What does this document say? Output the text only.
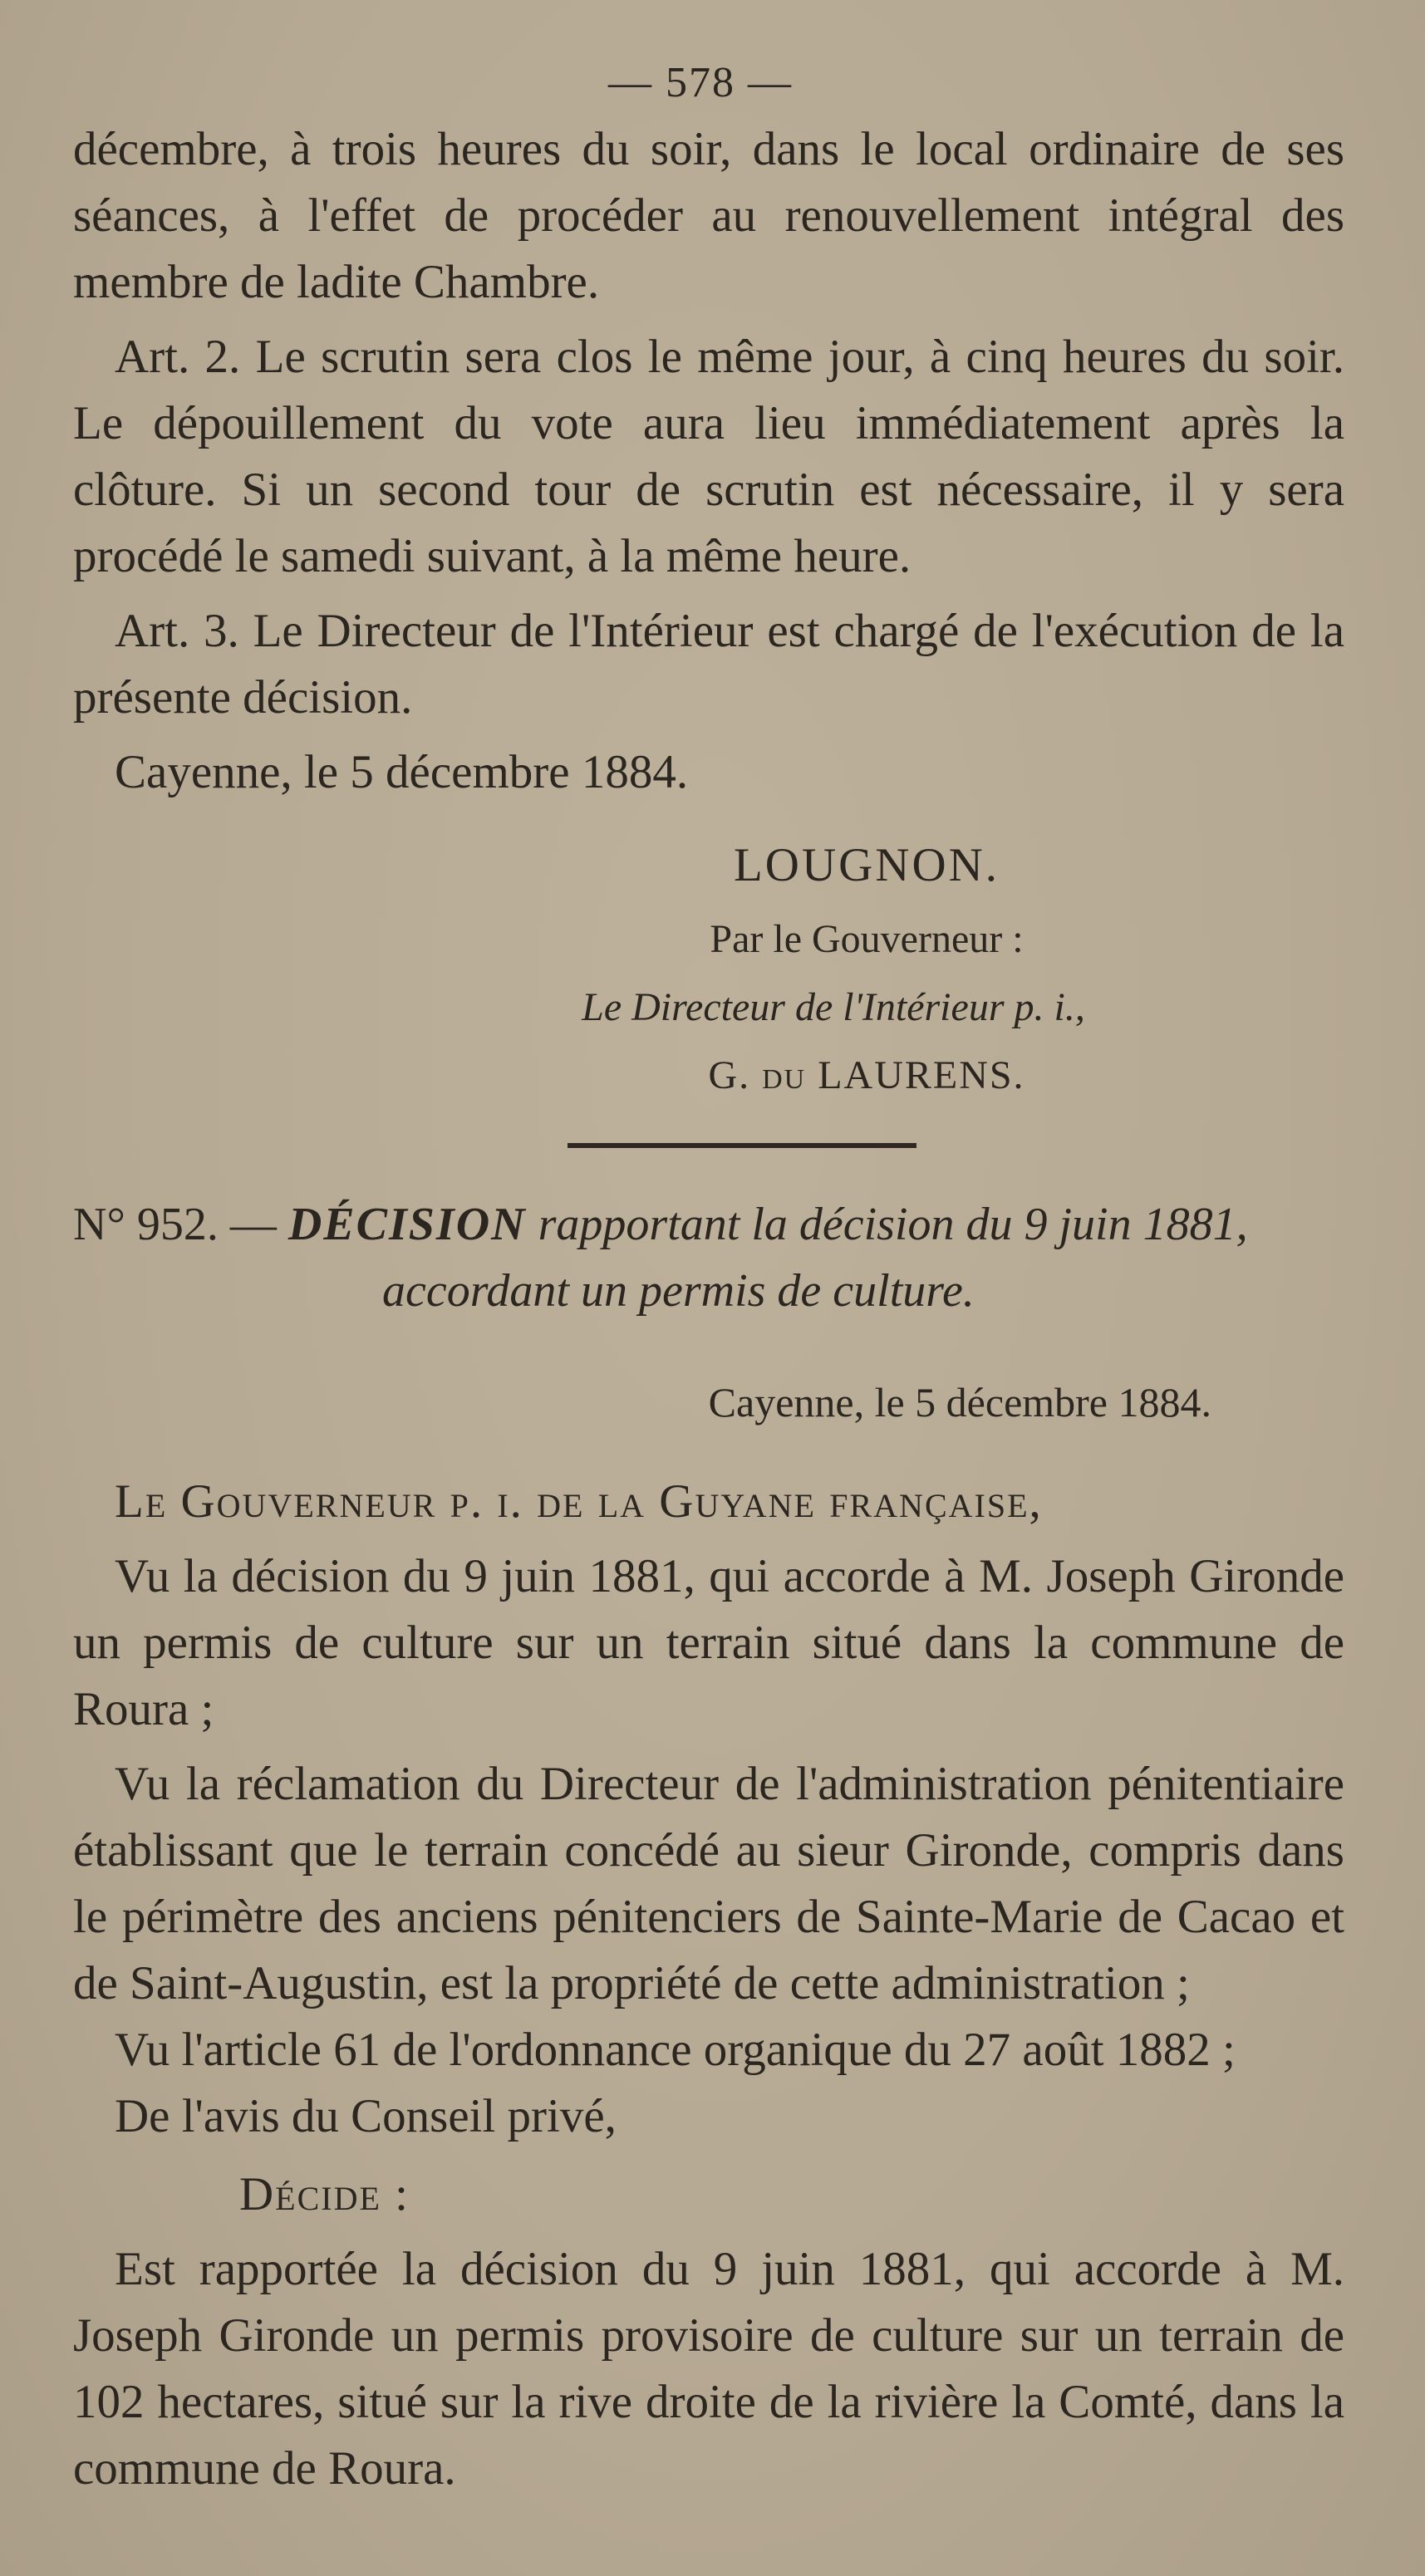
— 578 —

décembre, à trois heures du soir, dans le local ordinaire de ses séances, à l'effet de procéder au renouvellement intégral des membre de ladite Chambre.

Art. 2. Le scrutin sera clos le même jour, à cinq heures du soir. Le dépouillement du vote aura lieu immédiatement après la clôture. Si un second tour de scrutin est nécessaire, il y sera procédé le samedi suivant, à la même heure.

Art. 3. Le Directeur de l'Intérieur est chargé de l'exécution de la présente décision.

Cayenne, le 5 décembre 1884.

LOUGNON.
Par le Gouverneur :
Le Directeur de l'Intérieur p. i.,
G. du LAURENS.
N° 952. — DÉCISION rapportant la décision du 9 juin 1881,
accordant un permis de culture.
Cayenne, le 5 décembre 1884.

Le Gouverneur p. i. de la Guyane française,

Vu la décision du 9 juin 1881, qui accorde à M. Joseph Gironde un permis de culture sur un terrain situé dans la commune de Roura ;

Vu la réclamation du Directeur de l'administration pénitentiaire établissant que le terrain concédé au sieur Gironde, compris dans le périmètre des anciens pénitenciers de Sainte-Marie de Cacao et de Saint-Augustin, est la propriété de cette administration ;

Vu l'article 61 de l'ordonnance organique du 27 août 1882 ;

De l'avis du Conseil privé,

Décide :

Est rapportée la décision du 9 juin 1881, qui accorde à M. Joseph Gironde un permis provisoire de culture sur un terrain de 102 hectares, situé sur la rive droite de la rivière la Comté, dans la commune de Roura.
